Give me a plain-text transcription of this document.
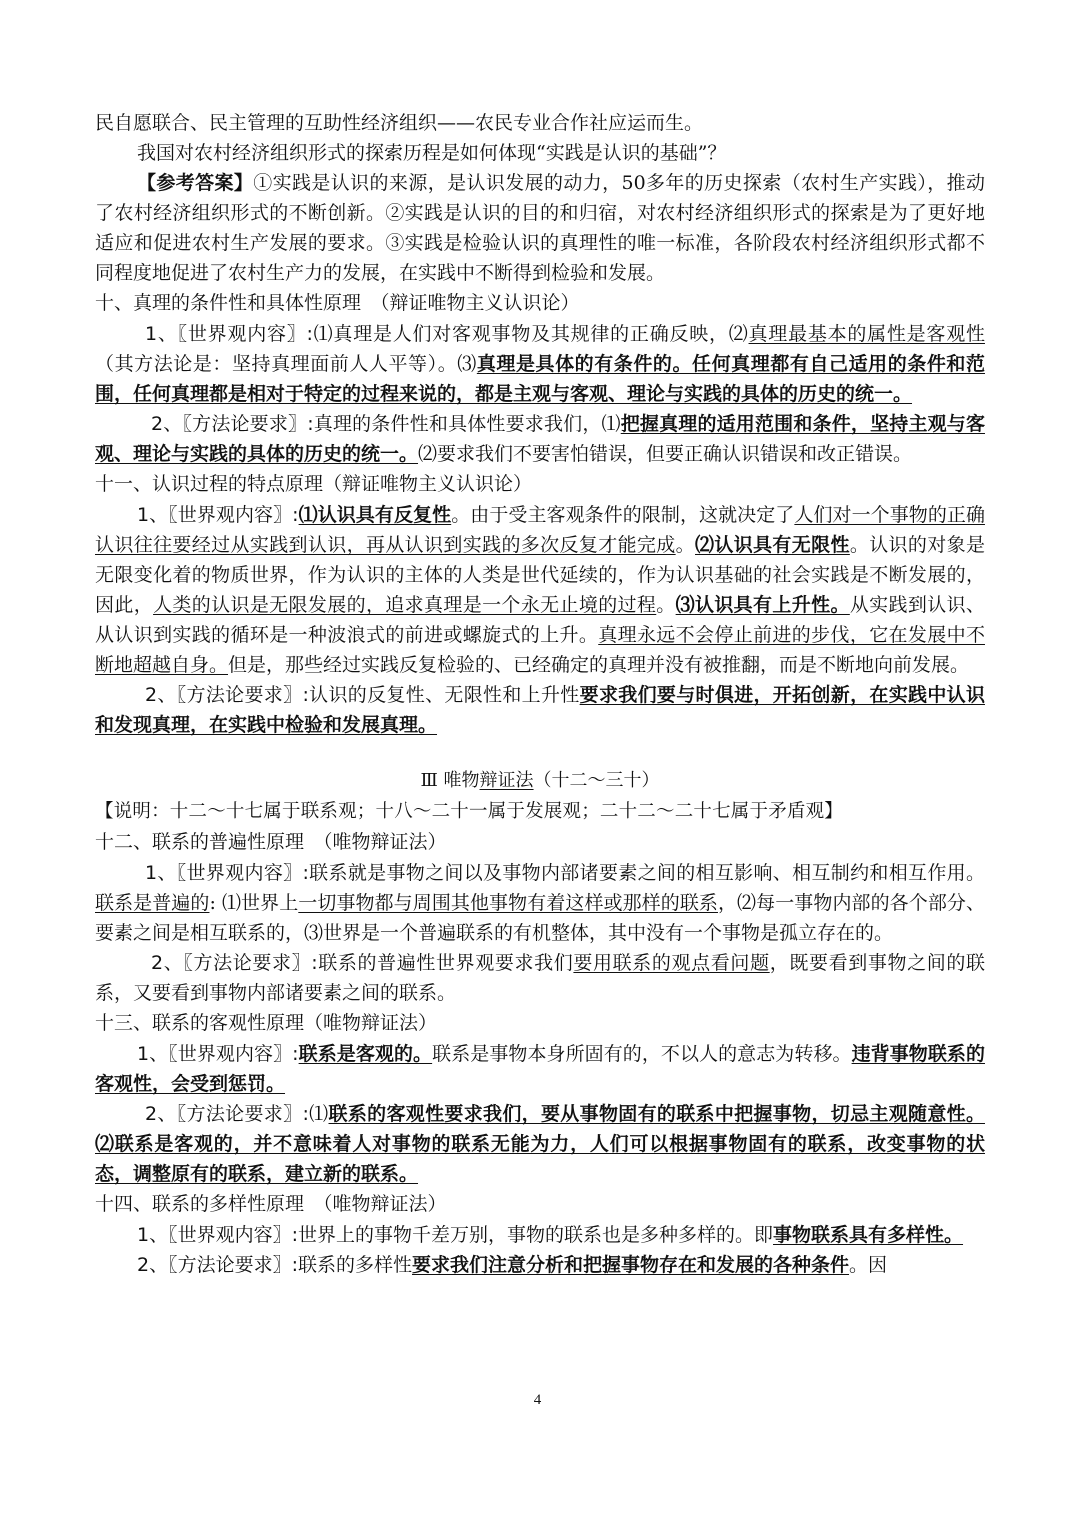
民自愿联合、民主管理的互助性经济组织——农民专业合作社应运而生。

我国对农村经济组织形式的探索历程是如何体现“实践是认识的基础”？

【参考答案】①实践是认识的来源，是认识发展的动力，50多年的历史探索（农村生产实践），推动了农村经济组织形式的不断创新。②实践是认识的目的和归宿，对农村经济组织形式的探索是为了更好地适应和促进农村生产发展的要求。③实践是检验认识的真理性的唯一标准，各阶段农村经济组织形式都不同程度地促进了农村生产力的发展，在实践中不断得到检验和发展。

十、真理的条件性和具体性原理　（辩证唯物主义认识论）

1、〖世界观内容〗:⑴真理是人们对客观事物及其规律的正确反映，⑵真理最基本的属性是客观性（其方法论是：坚持真理面前人人平等）。⑶真理是具体的有条件的。任何真理都有自己适用的条件和范围，任何真理都是相对于特定的过程来说的，都是主观与客观、理论与实践的具体的历史的统一。

2、〖方法论要求〗:真理的条件性和具体性要求我们，⑴把握真理的适用范围和条件，坚持主观与客观、理论与实践的具体的历史的统一。⑵要求我们不要害怕错误，但要正确认识错误和改正错误。

十一、认识过程的特点原理（辩证唯物主义认识论）

1、〖世界观内容〗:⑴认识具有反复性。由于受主客观条件的限制，这就决定了人们对一个事物的正确认识往往要经过从实践到认识，再从认识到实践的多次反复才能完成。⑵认识具有无限性。认识的对象是无限变化着的物质世界，作为认识的主体的人类是世代延续的，作为认识基础的社会实践是不断发展的，因此，人类的认识是无限发展的，追求真理是一个永无止境的过程。⑶认识具有上升性。从实践到认识、从认识到实践的循环是一种波浪式的前进或螺旋式的上升。真理永远不会停止前进的步伐，它在发展中不断地超越自身。但是，那些经过实践反复检验的、已经确定的真理并没有被推翻，而是不断地向前发展。

2、〖方法论要求〗:认识的反复性、无限性和上升性要求我们要与时俱进，开拓创新，在实践中认识和发现真理，在实践中检验和发展真理。

Ⅲ 唯物辩证法（十二～三十）

【说明：十二～十七属于联系观；十八～二十一属于发展观；二十二～二十七属于矛盾观】

十二、联系的普遍性原理　（唯物辩证法）

1、〖世界观内容〗:联系就是事物之间以及事物内部诸要素之间的相互影响、相互制约和相互作用。联系是普遍的: ⑴世界上一切事物都与周围其他事物有着这样或那样的联系，⑵每一事物内部的各个部分、要素之间是相互联系的，⑶世界是一个普遍联系的有机整体，其中没有一个事物是孤立存在的。

2、〖方法论要求〗:联系的普遍性世界观要求我们要用联系的观点看问题，既要看到事物之间的联系，又要看到事物内部诸要素之间的联系。

十三、联系的客观性原理（唯物辩证法）

1、〖世界观内容〗:联系是客观的。联系是事物本身所固有的，不以人的意志为转移。违背事物联系的客观性，会受到惩罚。

2、〖方法论要求〗:⑴联系的客观性要求我们，要从事物固有的联系中把握事物，切忌主观随意性。⑵联系是客观的，并不意味着人对事物的联系无能为力，人们可以根据事物固有的联系，改变事物的状态，调整原有的联系，建立新的联系。

十四、联系的多样性原理　（唯物辩证法）

1、〖世界观内容〗:世界上的事物千差万别，事物的联系也是多种多样的。即事物联系具有多样性。

2、〖方法论要求〗:联系的多样性要求我们注意分析和把握事物存在和发展的各种条件。因

4
